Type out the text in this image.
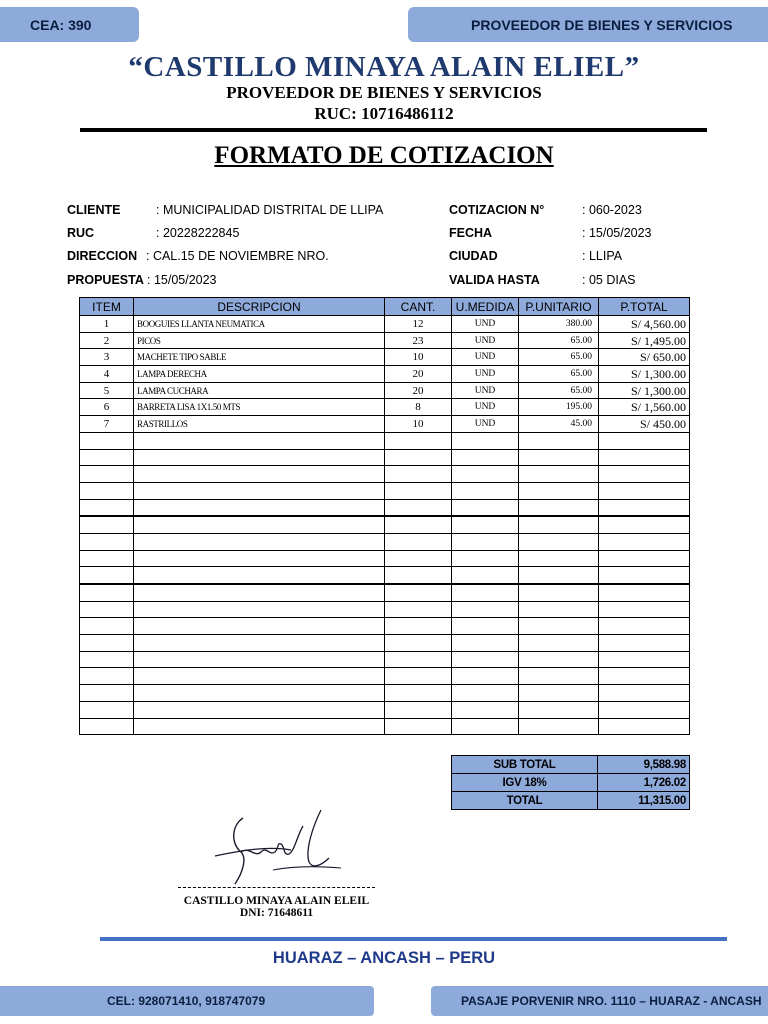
CEA: 390	PROVEEDOR DE BIENES Y SERVICIOS
“CASTILLO MINAYA ALAIN ELIEL”
PROVEEDOR DE BIENES Y SERVICIOS
RUC: 10716486112
FORMATO DE COTIZACION
CLIENTE	: MUNICIPALIDAD DISTRITAL DE LLIPA
RUC	: 20228222845
DIRECCION : CAL.15 DE NOVIEMBRE NRO.
PROPUESTA : 15/05/2023
COTIZACION N°	: 060-2023
FECHA	: 15/05/2023
CIUDAD	: LLIPA
VALIDA HASTA	: 05 DIAS
ITEM	DESCRIPCION	CANT.	U.MEDIDA	P.UNITARIO	P.TOTAL
1	BOOGUIES LLANTA NEUMATICA	12	UND	380.00	S/ 4,560.00
2	PICOS	23	UND	65.00	S/ 1,495.00
3	MACHETE TIPO SABLE	10	UND	65.00	S/ 650.00
4	LAMPA DERECHA	20	UND	65.00	S/ 1,300.00
5	LAMPA CUCHARA	20	UND	65.00	S/ 1,300.00
6	BARRETA LISA 1X1.50 MTS	8	UND	195.00	S/ 1,560.00
7	RASTRILLOS	10	UND	45.00	S/ 450.00

SUB TOTAL	9,588.98
IGV 18%	1,726.02
TOTAL	11,315.00
CASTILLO MINAYA ALAIN ELEIL
DNI: 71648611
HUARAZ – ANCASH – PERU
CEL: 928071410, 918747079	PASAJE PORVENIR NRO. 1110 – HUARAZ - ANCASH
